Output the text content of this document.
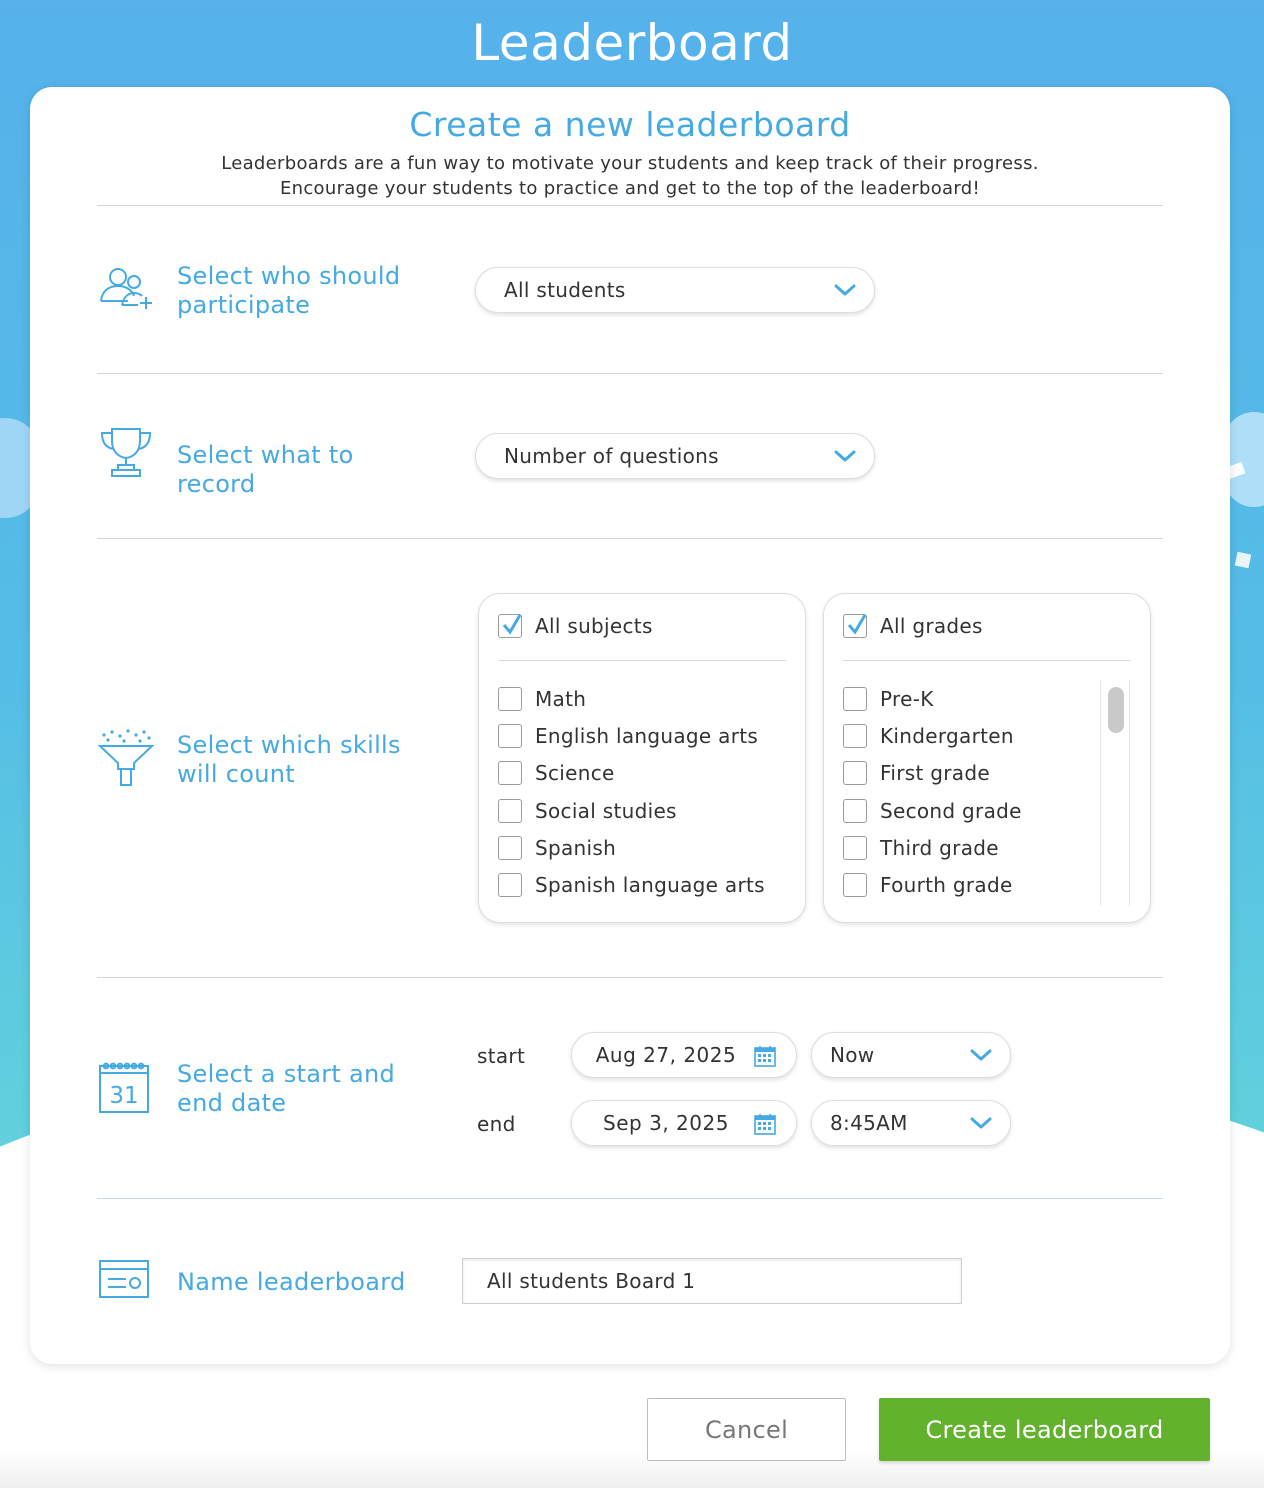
Leaderboard
Create a new leaderboard
Leaderboards are a fun way to motivate your students and keep track of their progress.
Encourage your students to practice and get to the top of the leaderboard!
Select who should
participate
All students
Select what to record
Number of questions
Select which skills
will count
All subjects
Math
English language arts
Science
Social studies
Spanish
Spanish language arts
All grades
Pre-K
Kindergarten
First grade
Second grade
Third grade
Fourth grade
31
Select a start and
end date
start	Aug 27, 2025	Now
end	Sep 3, 2025	8:45AM
Name leaderboard	All students Board 1
Cancel	Create leaderboard
